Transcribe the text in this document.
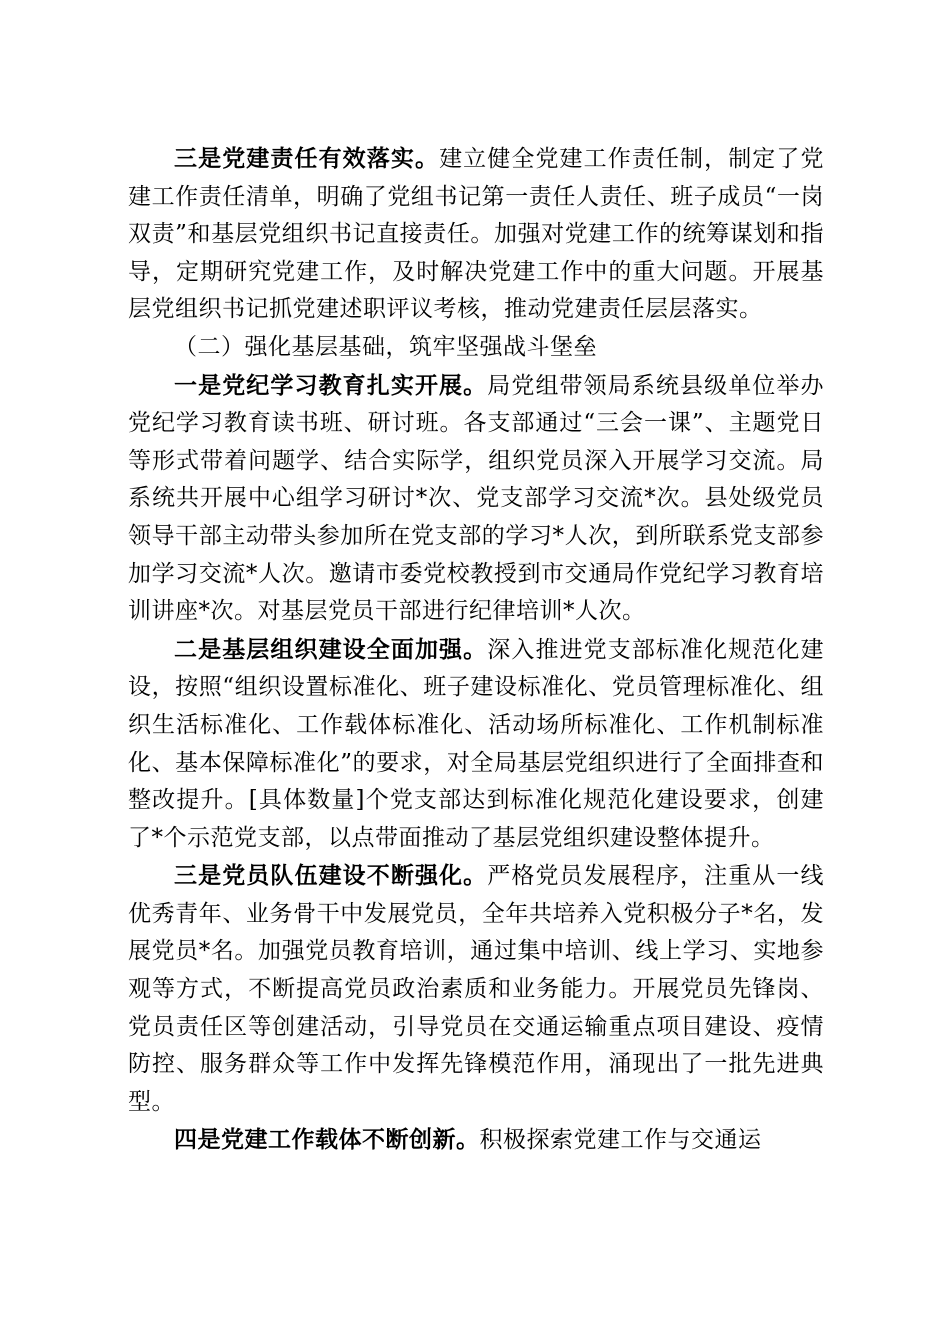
三是党建责任有效落实。建立健全党建工作责任制，制定了党建工作责任清单，明确了党组书记第一责任人责任、班子成员“一岗双责”和基层党组织书记直接责任。加强对党建工作的统筹谋划和指导，定期研究党建工作，及时解决党建工作中的重大问题。开展基层党组织书记抓党建述职评议考核，推动党建责任层层落实。

（二）强化基层基础，筑牢坚强战斗堡垒

一是党纪学习教育扎实开展。局党组带领局系统县级单位举办党纪学习教育读书班、研讨班。各支部通过“三会一课”、主题党日等形式带着问题学、结合实际学，组织党员深入开展学习交流。局系统共开展中心组学习研讨*次、党支部学习交流*次。县处级党员领导干部主动带头参加所在党支部的学习*人次，到所联系党支部参加学习交流*人次。邀请市委党校教授到市交通局作党纪学习教育培训讲座*次。对基层党员干部进行纪律培训*人次。

二是基层组织建设全面加强。深入推进党支部标准化规范化建设，按照“组织设置标准化、班子建设标准化、党员管理标准化、组织生活标准化、工作载体标准化、活动场所标准化、工作机制标准化、基本保障标准化”的要求，对全局基层党组织进行了全面排查和整改提升。[具体数量]个党支部达到标准化规范化建设要求，创建了*个示范党支部，以点带面推动了基层党组织建设整体提升。

三是党员队伍建设不断强化。严格党员发展程序，注重从一线优秀青年、业务骨干中发展党员，全年共培养入党积极分子*名，发展党员*名。加强党员教育培训，通过集中培训、线上学习、实地参观等方式，不断提高党员政治素质和业务能力。开展党员先锋岗、党员责任区等创建活动，引导党员在交通运输重点项目建设、疫情防控、服务群众等工作中发挥先锋模范作用，涌现出了一批先进典型。

四是党建工作载体不断创新。积极探索党建工作与交通运
